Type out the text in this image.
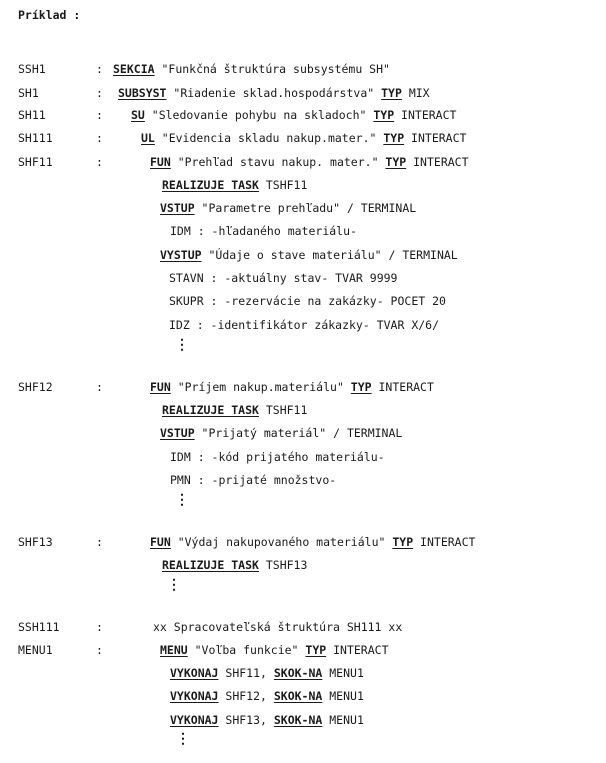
Príklad :
SSH1	: SEKCIA "Funkčná štruktúra subsystému SH"
SH1	: SUBSYST "Riadenie sklad.hospodárstva" TYP MIX
SH11	: SU "Sledovanie pohybu na skladoch" TYP INTERACT
SH111	:	UL "Evidencia skladu nakup.mater." TYP INTERACT
SHF11	:	FUN "Prehľad stavu nakup. mater." TYP INTERACT
REALIZUJE TASK TSHF11
VSTUP "Parametre prehľadu" / TERMINAL
IDM : -hľadaného materiálu-
VYSTUP "Údaje o stave materiálu" / TERMINAL
STAVN : -aktuálny stav- TVAR 9999
SKUPR : -rezervácie na zakázky- POCET 20
IDZ : -identifikátor zákazky- TVAR X/6/
SHF12	:	FUN "Príjem nakup.materiálu" TYP INTERACT
REALIZUJE TASK TSHF11
VSTUP "Prijatý materiál" / TERMINAL
IDM : -kód prijatého materiálu-
PMN : -prijaté množstvo-
SHF13	:	FUN "Výdaj nakupovaného materiálu" TYP INTERACT
REALIZUJE TASK TSHF13
SSH111	:	xx Spracovateľská štruktúra SH111 xx
MENU1	:	MENU "Voľba funkcie" TYP INTERACT
VYKONAJ SHF11, SKOK-NA MENU1
VYKONAJ SHF12, SKOK-NA MENU1
VYKONAJ SHF13, SKOK-NA MENU1
⋮
⋮
⋮
⋮
